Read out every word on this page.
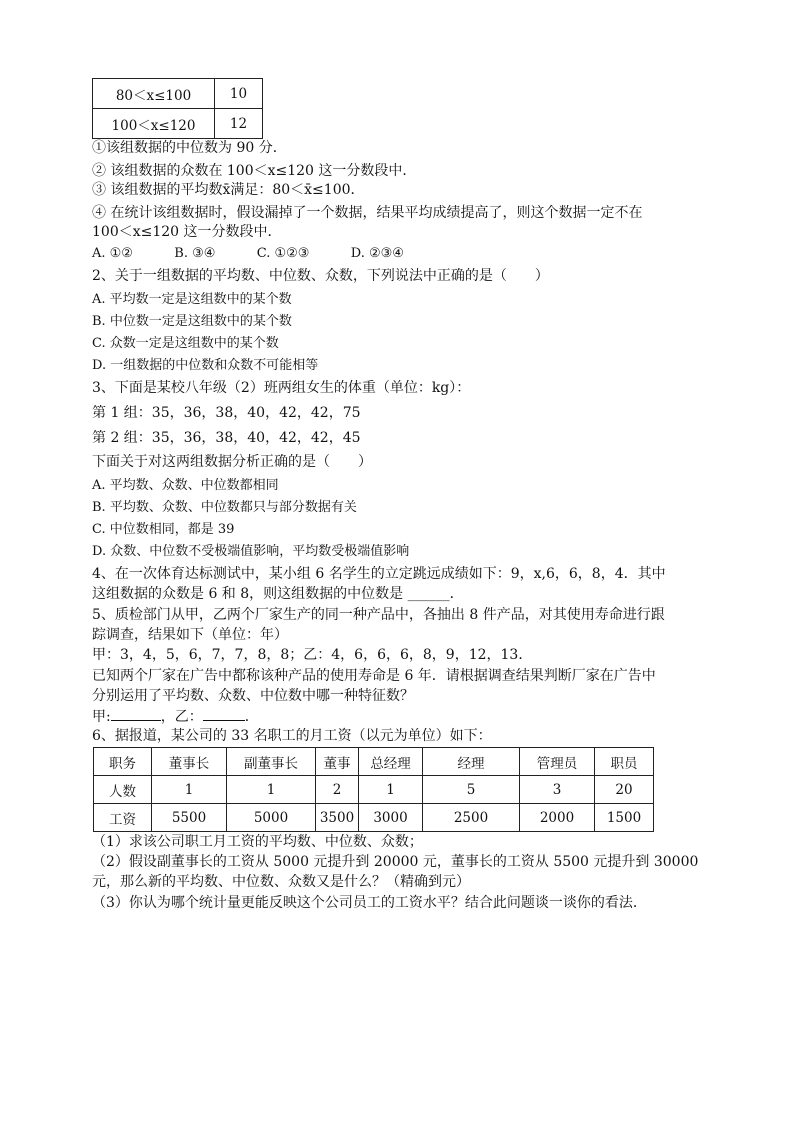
80＜x≤100	10
100＜x≤120	12
①该组数据的中位数为 90 分．
② 该组数据的众数在 100＜x≤120 这一分数段中．
③ 该组数据的平均数x̄满足：80＜x̄≤100．
④ 在统计该组数据时，假设漏掉了一个数据，结果平均成绩提高了，则这个数据一定不在
100＜x≤120 这一分数段中．
A. ①②          B. ③④          C. ①②③          D. ②③④
2、关于一组数据的平均数、中位数、众数，下列说法中正确的是（　　）
A. 平均数一定是这组数中的某个数
B. 中位数一定是这组数中的某个数
C. 众数一定是这组数中的某个数
D. 一组数据的中位数和众数不可能相等
3、下面是某校八年级（2）班两组女生的体重（单位：kg）：
第 1 组：35，36，38，40，42，42，75
第 2 组：35，36，38，40，42，42，45
下面关于对这两组数据分析正确的是（　　）
A. 平均数、众数、中位数都相同
B. 平均数、众数、中位数都只与部分数据有关
C. 中位数相同，都是 39
D. 众数、中位数不受极端值影响，平均数受极端值影响
4、在一次体育达标测试中，某小组 6 名学生的立定跳远成绩如下：9，x,6，6，8，4．其中
这组数据的众数是 6 和 8，则这组数据的中位数是 ______．
5、质检部门从甲，乙两个厂家生产的同一种产品中，各抽出 8 件产品，对其使用寿命进行跟
踪调查，结果如下（单位：年）
甲：3，4，5，6，7，7，8，8；乙：4，6，6，6，8，9，12，13．
已知两个厂家在广告中都称该种产品的使用寿命是 6 年．请根据调查结果判断厂家在广告中
分别运用了平均数、众数、中位数中哪一种特征数？
甲:	，乙：	．
6、据报道，某公司的 33 名职工的月工资（以元为单位）如下：
职务	董事长	副董事长	董事	总经理	经理	管理员	职员
人数	1	1	2	1	5	3	20
工资	5500	5000	3500	3000	2500	2000	1500
（1）求该公司职工月工资的平均数、中位数、众数；
（2）假设副董事长的工资从 5000 元提升到 20000 元，董事长的工资从 5500 元提升到 30000
元，那么新的平均数、中位数、众数又是什么？（精确到元）
（3）你认为哪个统计量更能反映这个公司员工的工资水平？结合此问题谈一谈你的看法．
